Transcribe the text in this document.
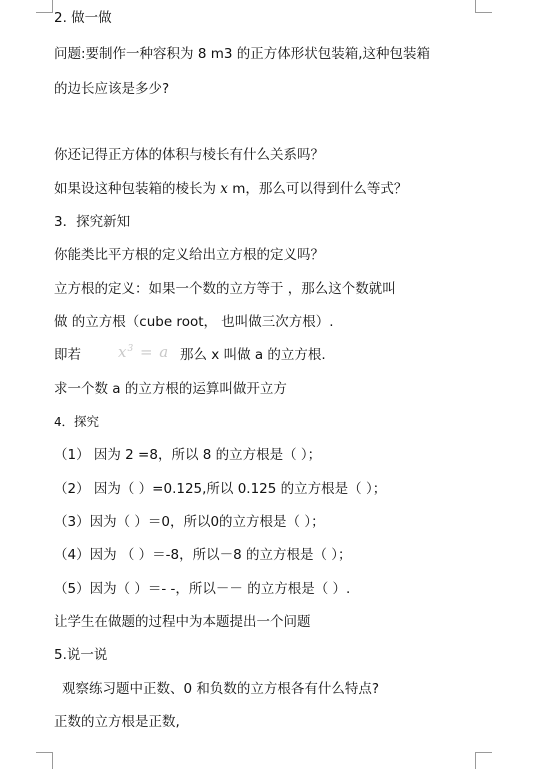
2. 做一做
问题:要制作一种容积为 8 m3 的正方体形状包装箱,这种包装箱
的边长应该是多少?
你还记得正方体的体积与棱长有什么关系吗？
如果设这种包装箱的棱长为 x m，那么可以得到什么等式？
3．探究新知
你能类比平方根的定义给出立方根的定义吗？
立方根的定义：如果一个数的立方等于 ，那么这个数就叫
做 的立方根（cube root， 也叫做三次方根）.
即若 $x^3 = a$ 那么 x 叫做 a 的立方根.
求一个数 a 的立方根的运算叫做开立方
4．探究
（1） 因为 2 =8，所以 8 的立方根是（ ）；
（2） 因为（ ）=0.125,所以 0.125 的立方根是（ ）；
（3）因为（ ）＝0，所以0的立方根是（ ）；
（4）因为 （ ）＝-8，所以－8 的立方根是（ ）；
（5）因为（ ）＝- -，所以－－ 的立方根是（ ）.
让学生在做题的过程中为本题提出一个问题
5.说一说
观察练习题中正数、0 和负数的立方根各有什么特点?
正数的立方根是正数,
